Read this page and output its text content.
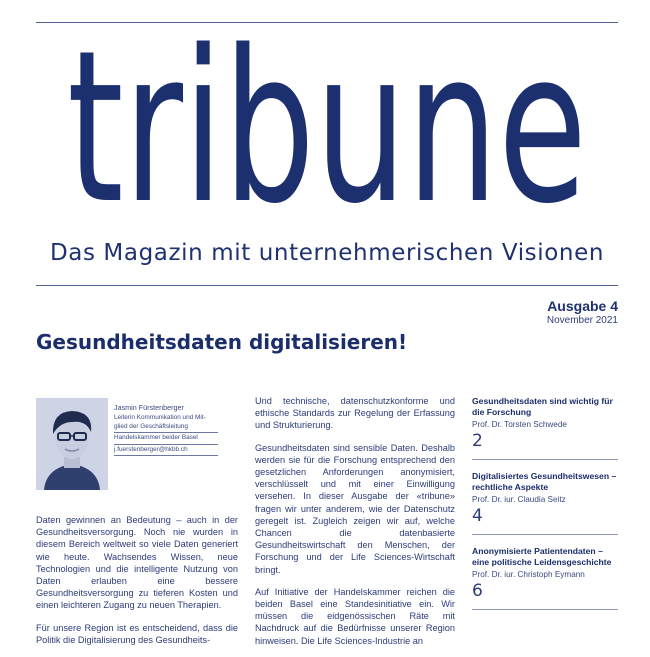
tribune
Das Magazin mit unternehmerischen Visionen
Ausgabe 4
November 2021
Gesundheitsdaten digitalisieren!
Jasmin Fürstenberger
Leiterin Kommunikation und Mit-
glied der Geschäftsleitung
Handelskammer beider Basel
j.fuerstenberger@hkbb.ch

Daten gewinnen an Bedeutung – auch in der Gesundheitsversorgung. Noch nie wurden in diesem Bereich weltweit so viele Daten generiert wie heute. Wachsendes Wissen, neue Technologien und die intelligente Nutzung von Daten erlauben eine bessere Gesundheitsversorgung zu tieferen Kosten und einen leichteren Zugang zu neuen Therapien.

Für unsere Region ist es entscheidend, dass die Politik die Digitalisierung des Gesundheits-

Und technische, datenschutzkonforme und ethische Standards zur Regelung der Erfassung und Strukturierung.

Gesundheitsdaten sind sensible Daten. Deshalb werden sie für die Forschung entsprechend den gesetzlichen Anforderungen anonymisiert, verschlüsselt und mit einer Einwilligung versehen. In dieser Ausgabe der «tribune» fragen wir unter anderem, wie der Datenschutz geregelt ist. Zugleich zeigen wir auf, welche Chancen die datenbasierte Gesundheitswirtschaft den Menschen, der Forschung und der Life Sciences-Wirtschaft bringt.

Auf Initiative der Handelskammer reichen die beiden Basel eine Standesinitiative ein. Wir müssen die eidgenössischen Räte mit Nachdruck auf die Bedürfnisse unserer Region hinweisen. Die Life Sciences-Industrie an

Gesundheitsdaten sind wichtig für die Forschung
Prof. Dr. Torsten Schwede
2
Digitalisiertes Gesundheitswesen – rechtliche Aspekte
Prof. Dr. iur. Claudia Seitz
4
Anonymisierte Patientendaten – eine politische Leidensgeschichte
Prof. Dr. iur. Christoph Eymann
6
